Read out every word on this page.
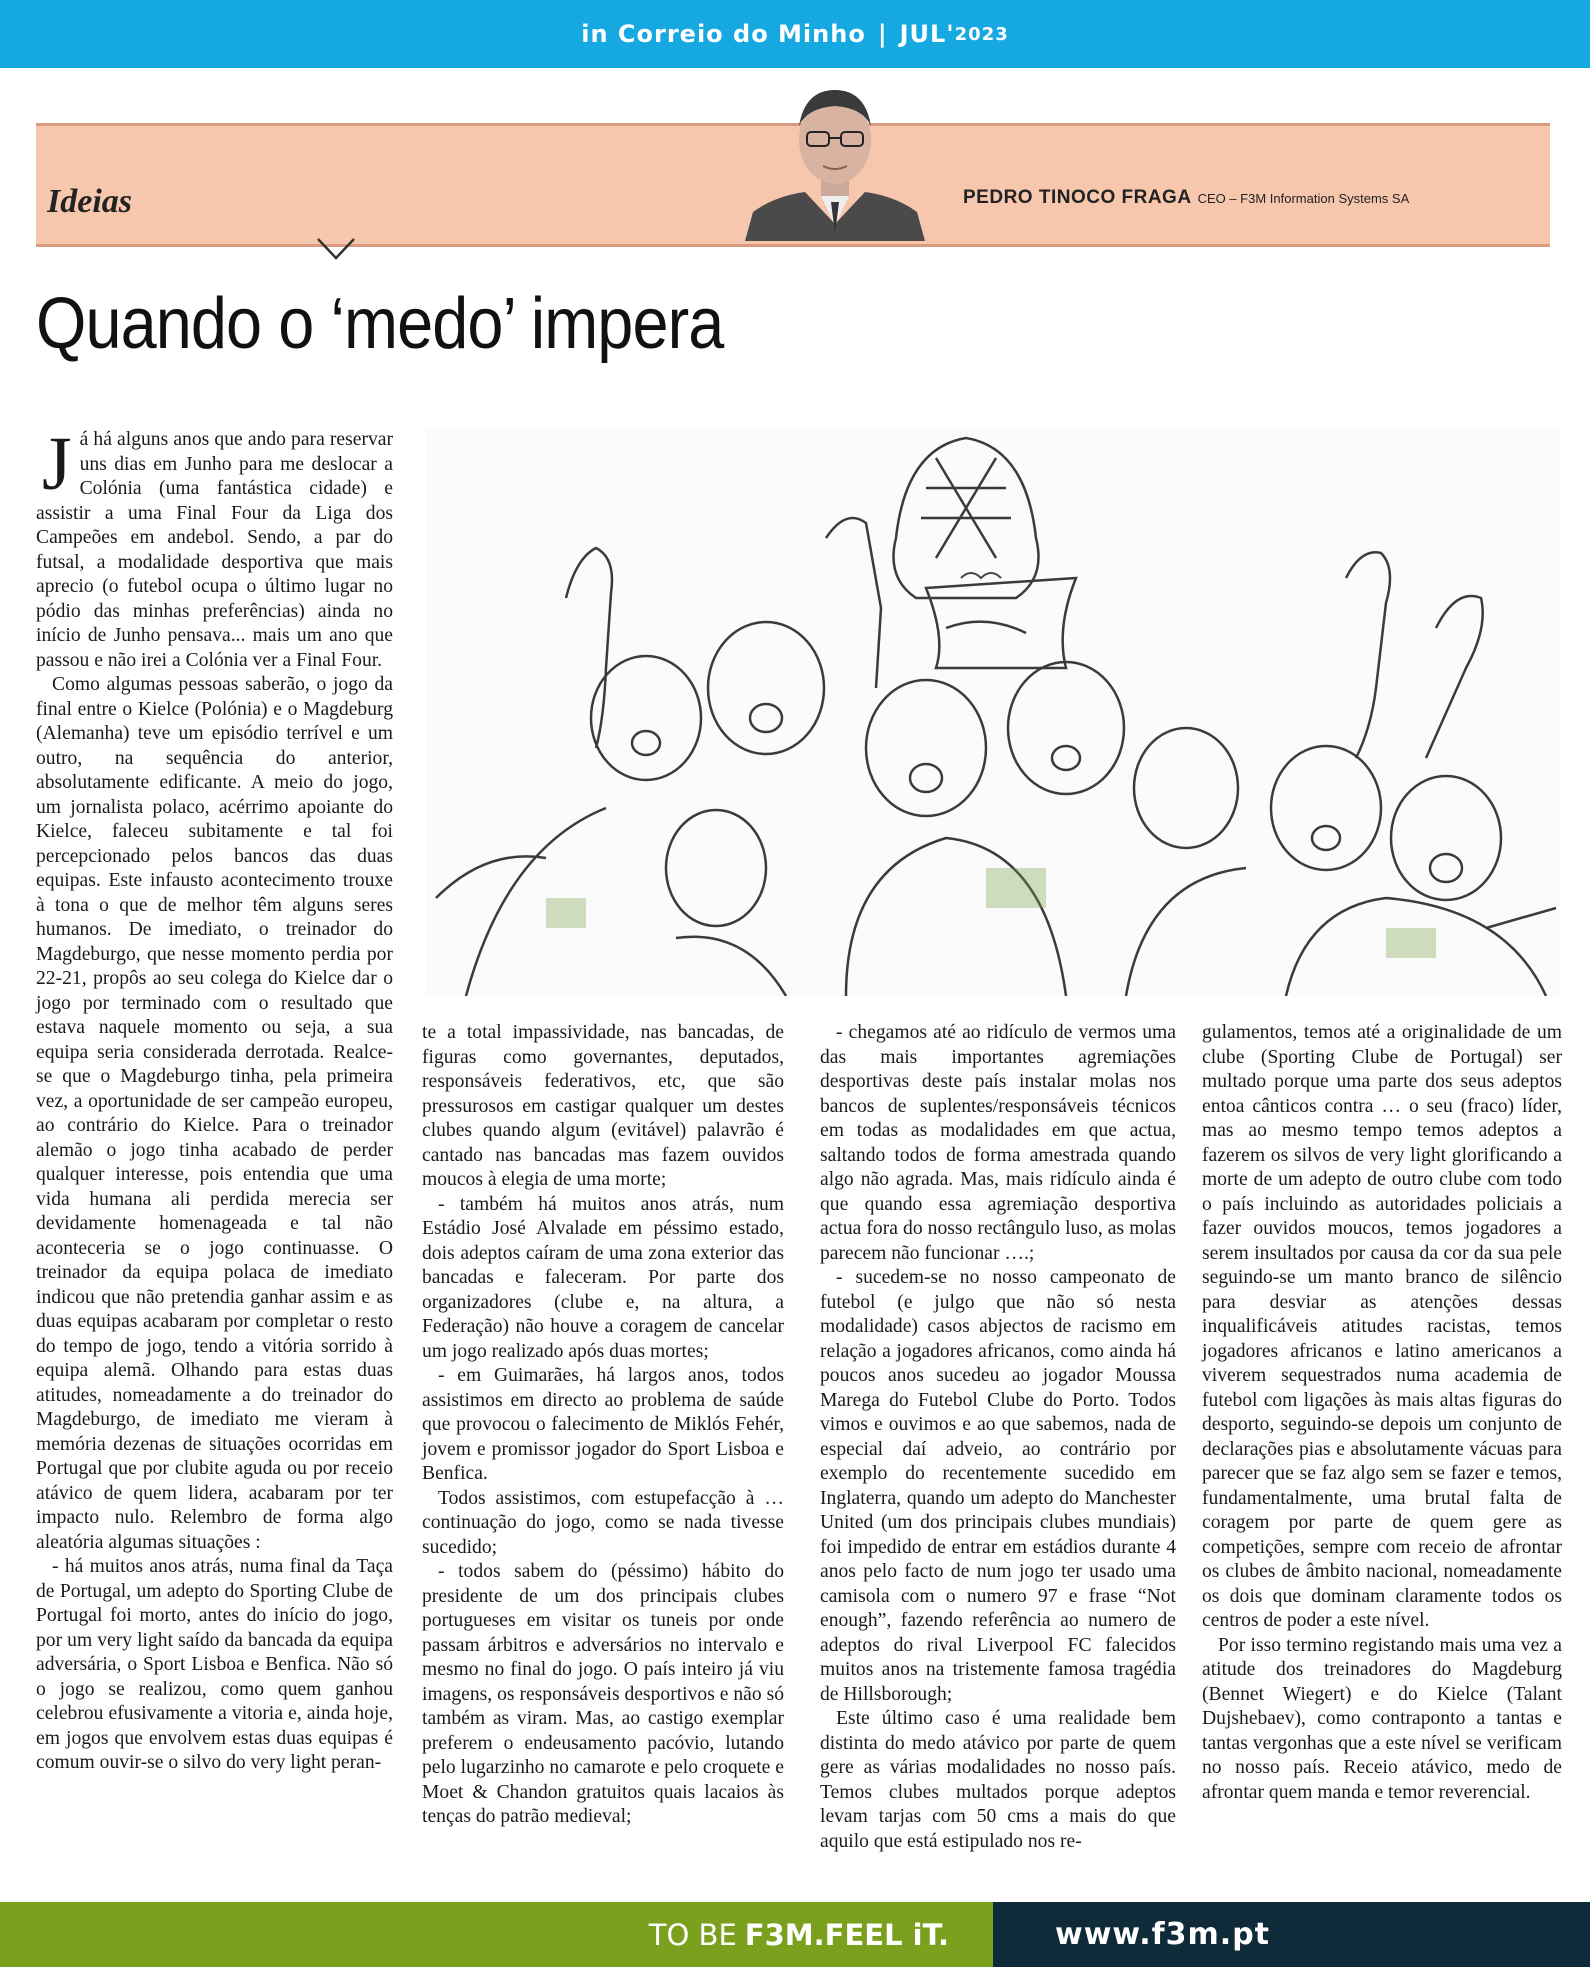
in Correio do Minho | JUL' 2023
Ideias	PEDRO TINOCO FRAGA CEO – F3M Information Systems SA
Quando o ‘medo’ impera

Já há alguns anos que ando para reservar uns dias em Junho para me deslocar a Colónia (uma fantástica cidade) e assistir a uma Final Four da Liga dos Campeões em andebol. Sendo, a par do futsal, a modalidade desportiva que mais aprecio (o futebol ocupa o último lugar no pódio das minhas preferências) ainda no início de Junho pensava... mais um ano que passou e não irei a Colónia ver a Final Four.

Como algumas pessoas saberão, o jogo da final entre o Kielce (Polónia) e o Magdeburg (Alemanha) teve um episódio terrível e um outro, na sequência do anterior, absolutamente edificante. A meio do jogo, um jornalista polaco, acérrimo apoiante do Kielce, faleceu subitamente e tal foi percepcionado pelos bancos das duas equipas. Este infausto acontecimento trouxe à tona o que de melhor têm alguns seres humanos. De imediato, o treinador do Magdeburgo, que nesse momento perdia por 22-21, propôs ao seu colega do Kielce dar o jogo por terminado com o resultado que estava naquele momento ou seja, a sua equipa seria considerada derrotada. Realce-se que o Magdeburgo tinha, pela primeira vez, a oportunidade de ser campeão europeu, ao contrário do Kielce. Para o treinador alemão o jogo tinha acabado de perder qualquer interesse, pois entendia que uma vida humana ali perdida merecia ser devidamente homenageada e tal não aconteceria se o jogo continuasse. O treinador da equipa polaca de imediato indicou que não pretendia ganhar assim e as duas equipas acabaram por completar o resto do tempo de jogo, tendo a vitória sorrido à equipa alemã. Olhando para estas duas atitudes, nomeadamente a do treinador do Magdeburgo, de imediato me vieram à memória dezenas de situações ocorridas em Portugal que por clubite aguda ou por receio atávico de quem lidera, acabaram por ter impacto nulo. Relembro de forma algo aleatória algumas situações :

- há muitos anos atrás, numa final da Taça de Portugal, um adepto do Sporting Clube de Portugal foi morto, antes do início do jogo, por um very light saído da bancada da equipa adversária, o Sport Lisboa e Benfica. Não só o jogo se realizou, como quem ganhou celebrou efusivamente a vitoria e, ainda hoje, em jogos que envolvem estas duas equipas é comum ouvir-se o silvo do very light peran-

te a total impassividade, nas bancadas, de figuras como governantes, deputados, responsáveis federativos, etc, que são pressurosos em castigar qualquer um destes clubes quando algum (evitável) palavrão é cantado nas bancadas mas fazem ouvidos moucos à elegia de uma morte;

- também há muitos anos atrás, num Estádio José Alvalade em péssimo estado, dois adeptos caíram de uma zona exterior das bancadas e faleceram. Por parte dos organizadores (clube e, na altura, a Federação) não houve a coragem de cancelar um jogo realizado após duas mortes;

- em Guimarães, há largos anos, todos assistimos em directo ao problema de saúde que provocou o falecimento de Miklós Fehér, jovem e promissor jogador do Sport Lisboa e Benfica.

Todos assistimos, com estupefacção à … continuação do jogo, como se nada tivesse sucedido;

- todos sabem do (péssimo) hábito do presidente de um dos principais clubes portugueses em visitar os tuneis por onde passam árbitros e adversários no intervalo e mesmo no final do jogo. O país inteiro já viu imagens, os responsáveis desportivos e não só também as viram. Mas, ao castigo exemplar preferem o endeusamento pacóvio, lutando pelo lugarzinho no camarote e pelo croquete e Moet & Chandon gratuitos quais lacaios às tenças do patrão medieval;

- chegamos até ao ridículo de vermos uma das mais importantes agremiações desportivas deste país instalar molas nos bancos de suplentes/responsáveis técnicos em todas as modalidades em que actua, saltando todos de forma amestrada quando algo não agrada. Mas, mais ridículo ainda é que quando essa agremiação desportiva actua fora do nosso rectângulo luso, as molas parecem não funcionar ….;

- sucedem-se no nosso campeonato de futebol (e julgo que não só nesta modalidade) casos abjectos de racismo em relação a jogadores africanos, como ainda há poucos anos sucedeu ao jogador Moussa Marega do Futebol Clube do Porto. Todos vimos e ouvimos e ao que sabemos, nada de especial daí adveio, ao contrário por exemplo do recentemente sucedido em Inglaterra, quando um adepto do Manchester United (um dos principais clubes mundiais) foi impedido de entrar em estádios durante 4 anos pelo facto de num jogo ter usado uma camisola com o numero 97 e frase “Not enough”, fazendo referência ao numero de adeptos do rival Liverpool FC falecidos muitos anos na tristemente famosa tragédia de Hillsborough;

Este último caso é uma realidade bem distinta do medo atávico por parte de quem gere as várias modalidades no nosso país. Temos clubes multados porque adeptos levam tarjas com 50 cms a mais do que aquilo que está estipulado nos re-

gulamentos, temos até a originalidade de um clube (Sporting Clube de Portugal) ser multado porque uma parte dos seus adeptos entoa cânticos contra … o seu (fraco) líder, mas ao mesmo tempo temos adeptos a fazerem os silvos de very light glorificando a morte de um adepto de outro clube com todo o país incluindo as autoridades policiais a fazer ouvidos moucos, temos jogadores a serem insultados por causa da cor da sua pele seguindo-se um manto branco de silêncio para desviar as atenções dessas inqualificáveis atitudes racistas, temos jogadores africanos e latino americanos a viverem sequestrados numa academia de futebol com ligações às mais altas figuras do desporto, seguindo-se depois um conjunto de declarações pias e absolutamente vácuas para parecer que se faz algo sem se fazer e temos, fundamentalmente, uma brutal falta de coragem por parte de quem gere as competições, sempre com receio de afrontar os clubes de âmbito nacional, nomeadamente os dois que dominam claramente todos os centros de poder a este nível.

Por isso termino registando mais uma vez a atitude dos treinadores do Magdeburg (Bennet Wiegert) e do Kielce (Talant Dujshebaev), como contraponto a tantas e tantas vergonhas que a este nível se verificam no nosso país. Receio atávico, medo de afrontar quem manda e temor reverencial.

TO BE F3M.FEEL iT.	www.f3m.pt
